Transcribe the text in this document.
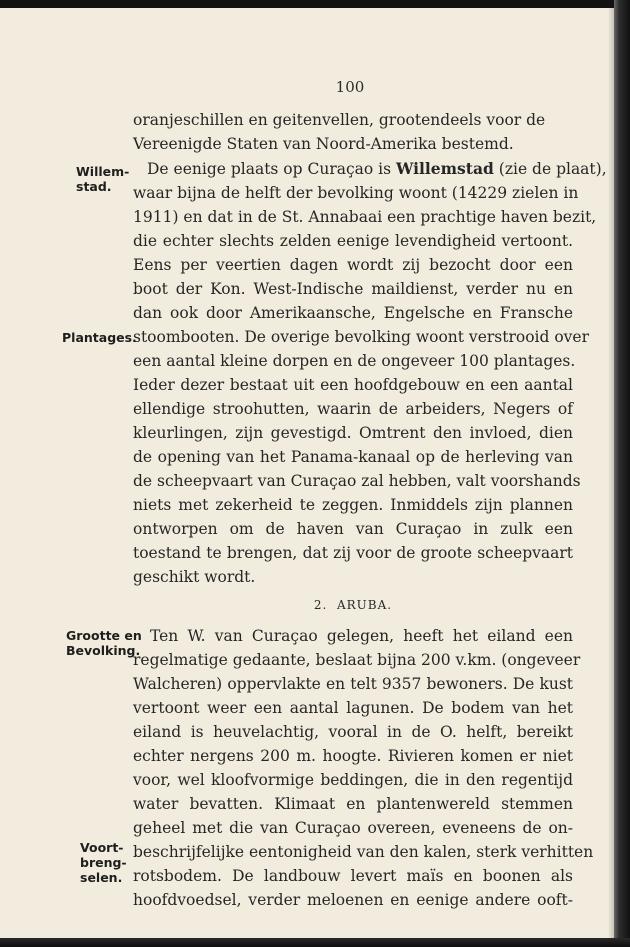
100
oranjeschillen en geitenvellen, grootendeels voor de
Vereenigde Staten van Noord-Amerika bestemd.
De eenige plaats op Curaçao is Willemstad (zie de plaat),
waar bijna de helft der bevolking woont (14229 zielen in
1911) en dat in de St. Annabaai een prachtige haven bezit,
die echter slechts zelden eenige levendigheid vertoont.
Eens per veertien dagen wordt zij bezocht door een
boot der Kon. West-Indische maildienst, verder nu en
dan ook door Amerikaansche, Engelsche en Fransche
stoombooten. De overige bevolking woont verstrooid over
een aantal kleine dorpen en de ongeveer 100 plantages.
Ieder dezer bestaat uit een hoofdgebouw en een aantal
ellendige stroohutten, waarin de arbeiders, Negers of
kleurlingen, zijn gevestigd. Omtrent den invloed, dien
de opening van het Panama-kanaal op de herleving van
de scheepvaart van Curaçao zal hebben, valt voorshands
niets met zekerheid te zeggen. Inmiddels zijn plannen
ontworpen om de haven van Curaçao in zulk een
toestand te brengen, dat zij voor de groote scheepvaart
geschikt wordt.
2. ARUBA.
Ten W. van Curaçao gelegen, heeft het eiland een
regelmatige gedaante, beslaat bijna 200 v.km. (ongeveer
Walcheren) oppervlakte en telt 9357 bewoners. De kust
vertoont weer een aantal lagunen. De bodem van het
eiland is heuvelachtig, vooral in de O. helft, bereikt
echter nergens 200 m. hoogte. Rivieren komen er niet
voor, wel kloofvormige beddingen, die in den regentijd
water bevatten. Klimaat en plantenwereld stemmen
geheel met die van Curaçao overeen, eveneens de on-
beschrijfelijke eentonigheid van den kalen, sterk verhitten
rotsbodem. De landbouw levert maïs en boonen als
hoofdvoedsel, verder meloenen en eenige andere ooft-
Willem-
stad.
Plantages.
Grootte en
Bevolking.
Voort-
breng-
selen.
